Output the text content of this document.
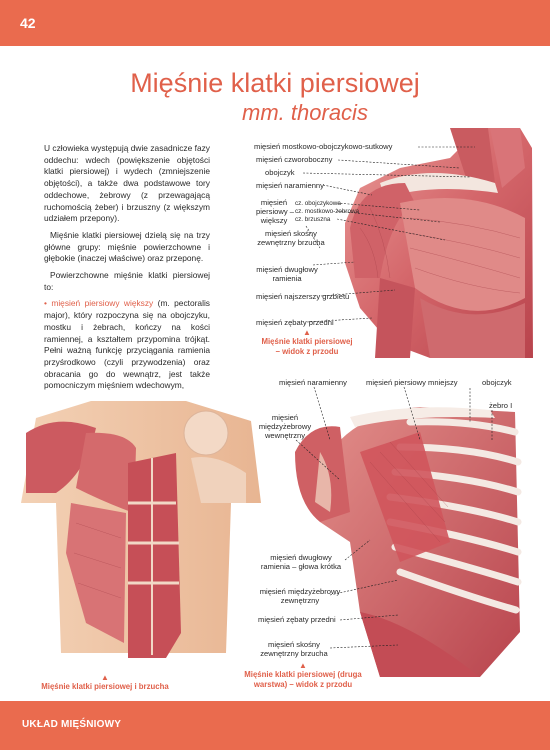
42
Mięśnie klatki piersiowej
mm. thoracis

U człowieka występują dwie zasadnicze fazy oddechu: wdech (powiększenie objętości klatki piersiowej) i wydech (zmniejszenie objętości), a także dwa podstawowe tory oddechowe, żebrowy (z przewagającą ruchomością żeber) i brzuszny (z większym udziałem przepony).

Mięśnie klatki piersiowej dzielą się na trzy główne grupy: mięśnie powierzchowne i głębokie (inaczej właściwe) oraz przeponę.

Powierzchowne mięśnie klatki piersiowej to:

• mięsień piersiowy większy (m. pectoralis major), który rozpoczyna się na obojczyku, mostku i żebrach, kończy na kości ramiennej, a kształtem przypomina trójkąt. Pełni ważną funkcję przyciągania ramienia przyśrodkowo (czyli przywodzenia) oraz obracania go do wewnątrz, jest także pomocniczym mięśniem wdechowym,

mięsień mostkowo-obojczykowo-sutkowy
mięsień czworoboczny
obojczyk
mięsień naramienny
mięsień
piersiowy –
większy
cz. obojczykowa
cz. mostkowo-żebrowa
cz. brzuszna
mięsień skośny
zewnętrzny brzucha
mięsień dwugłowy
ramienia
mięsień najszerszy grzbietu
mięsień zębaty przedni
▲
Mięśnie klatki piersiowej
– widok z przodu
▲
Mięśnie klatki piersiowej i brzucha
mięsień naramienny	mięsień piersiowy mniejszy	obojczyk
żebro I
mięsień
międzyżebrowy
wewnętrzny
mięsień dwugłowy
ramienia – głowa krótka
mięsień międzyżebrowy
zewnętrzny
mięsień zębaty przedni
mięsień skośny
zewnętrzny brzucha
▲
Mięśnie klatki piersiowej (druga
warstwa) – widok z przodu
UKŁAD MIĘŚNIOWY
